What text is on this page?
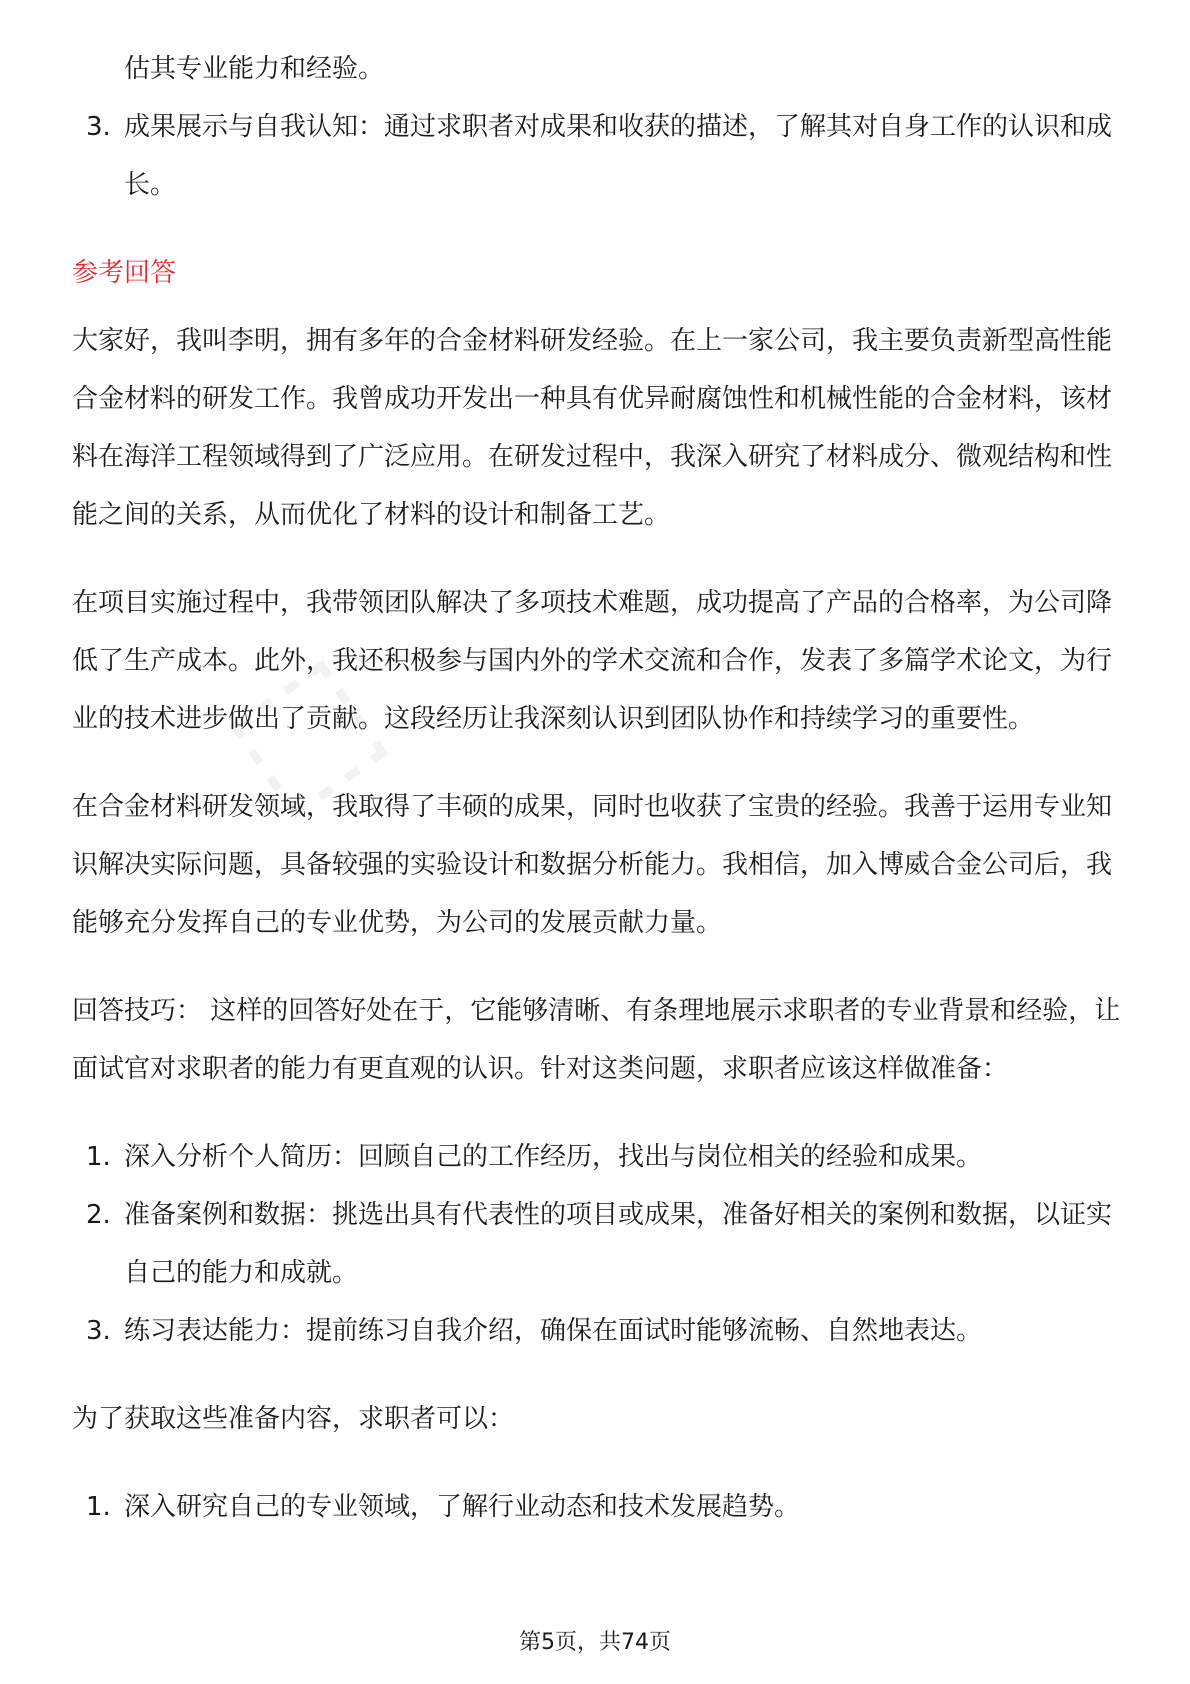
估其专业能力和经验。

3. 成果展示与自我认知：通过求职者对成果和收获的描述，了解其对自身工作的认识和成长。
参考回答

大家好，我叫李明，拥有多年的合金材料研发经验。在上一家公司，我主要负责新型高性能合金材料的研发工作。我曾成功开发出一种具有优异耐腐蚀性和机械性能的合金材料，该材料在海洋工程领域得到了广泛应用。在研发过程中，我深入研究了材料成分、微观结构和性能之间的关系，从而优化了材料的设计和制备工艺。

在项目实施过程中，我带领团队解决了多项技术难题，成功提高了产品的合格率，为公司降低了生产成本。此外，我还积极参与国内外的学术交流和合作，发表了多篇学术论文，为行业的技术进步做出了贡献。这段经历让我深刻认识到团队协作和持续学习的重要性。

在合金材料研发领域，我取得了丰硕的成果，同时也收获了宝贵的经验。我善于运用专业知识解决实际问题，具备较强的实验设计和数据分析能力。我相信，加入博威合金公司后，我能够充分发挥自己的专业优势，为公司的发展贡献力量。

回答技巧： 这样的回答好处在于，它能够清晰、有条理地展示求职者的专业背景和经验，让面试官对求职者的能力有更直观的认识。针对这类问题，求职者应该这样做准备：

1. 深入分析个人简历：回顾自己的工作经历，找出与岗位相关的经验和成果。
2. 准备案例和数据：挑选出具有代表性的项目或成果，准备好相关的案例和数据，以证实自己的能力和成就。
3. 练习表达能力：提前练习自我介绍，确保在面试时能够流畅、自然地表达。

为了获取这些准备内容，求职者可以：

1. 深入研究自己的专业领域，了解行业动态和技术发展趋势。
⬚
第5页，共74页
